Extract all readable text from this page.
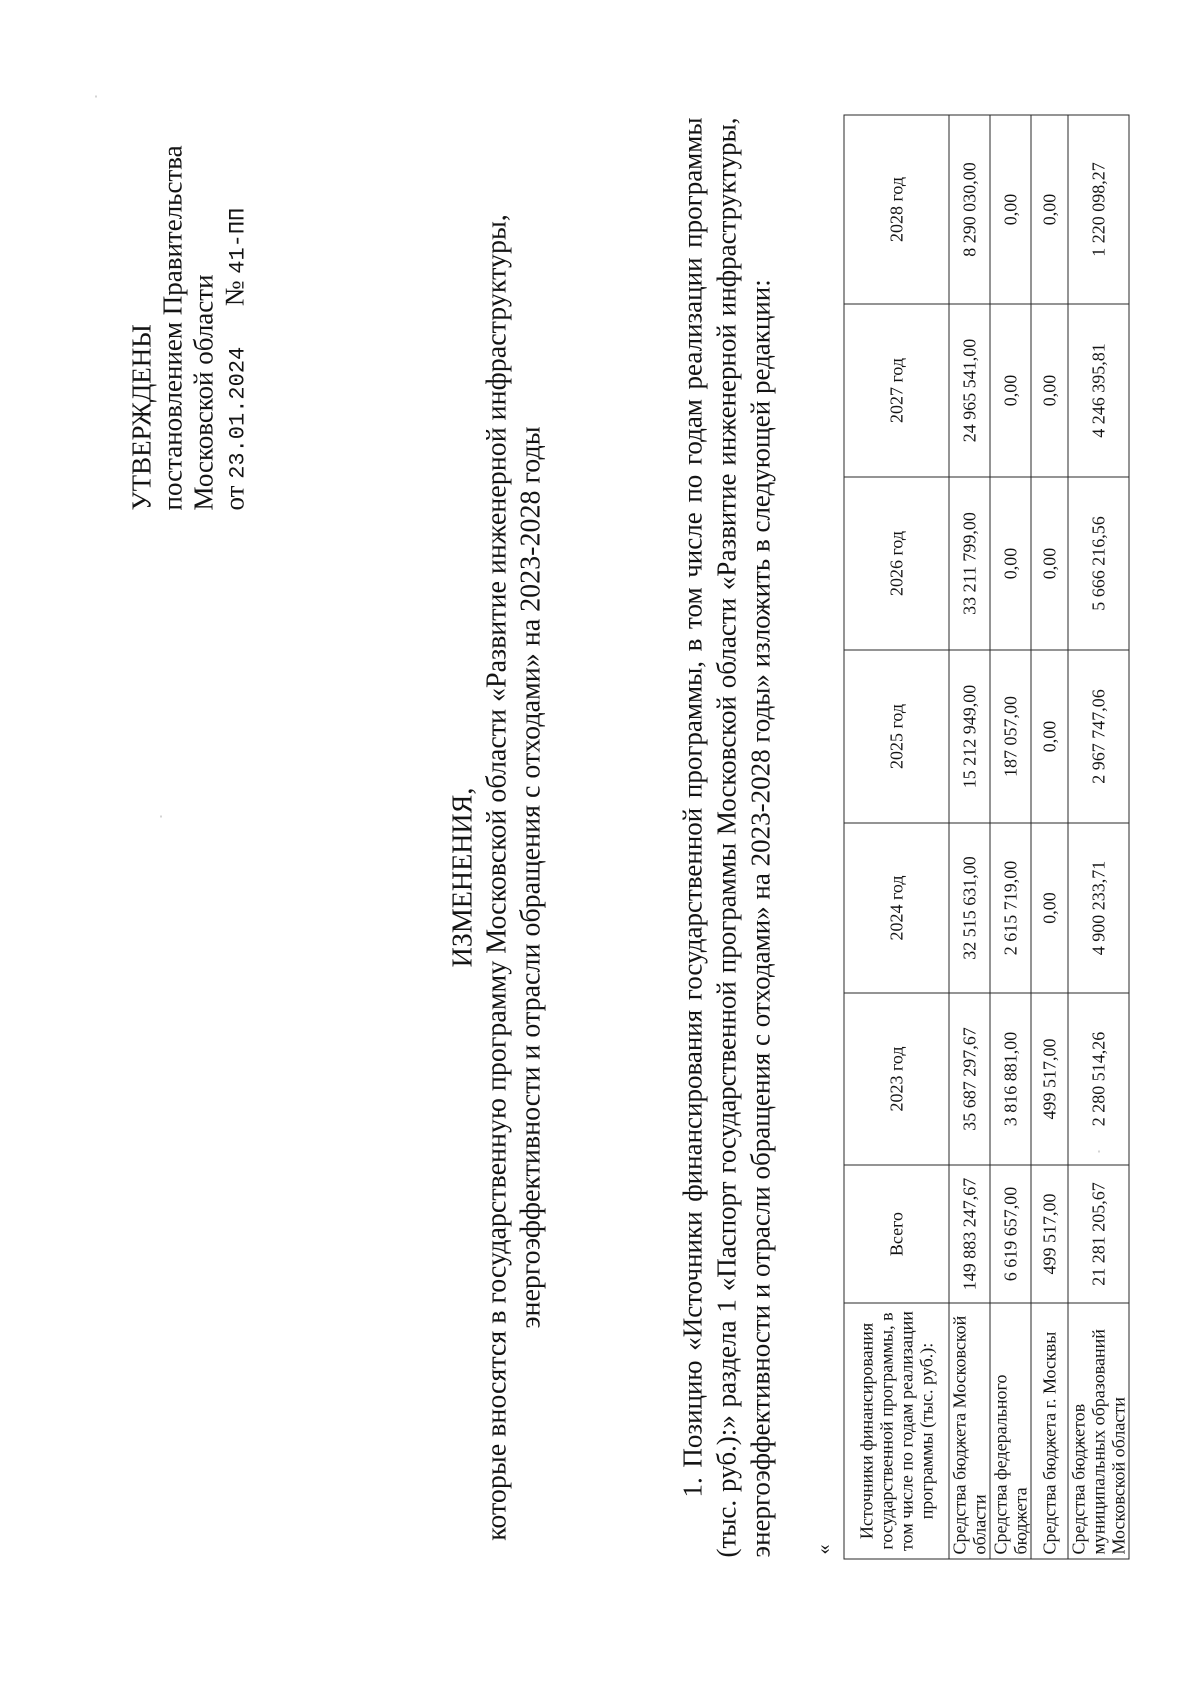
УТВЕРЖДЕНЫ постановлением Правительства Московской области от 23.01.2024      № 41-ПП
ИЗМЕНЕНИЯ, которые вносятся в государственную программу Московской области «Развитие инженерной инфраструктуры, энергоэффективности и отрасли обращения с отходами» на 2023-2028 годы	1. Позицию «Источники финансирования государственной программы, в том числе по годам реализации программы (тыс. руб.):» раздела 1 «Паспорт государственной программы Московской области «Развитие инженерной инфраструктуры, энергоэффективности и отрасли обращения с отходами» на 2023-2028 годы» изложить в следующей редакции: «
Источники финансирования государственной программы, в том числе по годам реализации программы (тыс. руб.):	Всего	2023 год	2024 год	2025 год	2026 год	2027 год	2028 год
Средства бюджета Московской области	149 883 247,67	35 687 297,67	32 515 631,00	15 212 949,00	33 211 799,00	24 965 541,00	8 290 030,00
Средства федерального бюджета	6 619 657,00	3 816 881,00	2 615 719,00	187 057,00	0,00	0,00	0,00
Средства бюджета г. Москвы	499 517,00	499 517,00	0,00	0,00	0,00	0,00	0,00
Средства бюджетов муниципальных образований Московской области	21 281 205,67	2 280 514,26	4 900 233,71	2 967 747,06	5 666 216,56	4 246 395,81	1 220 098,27
